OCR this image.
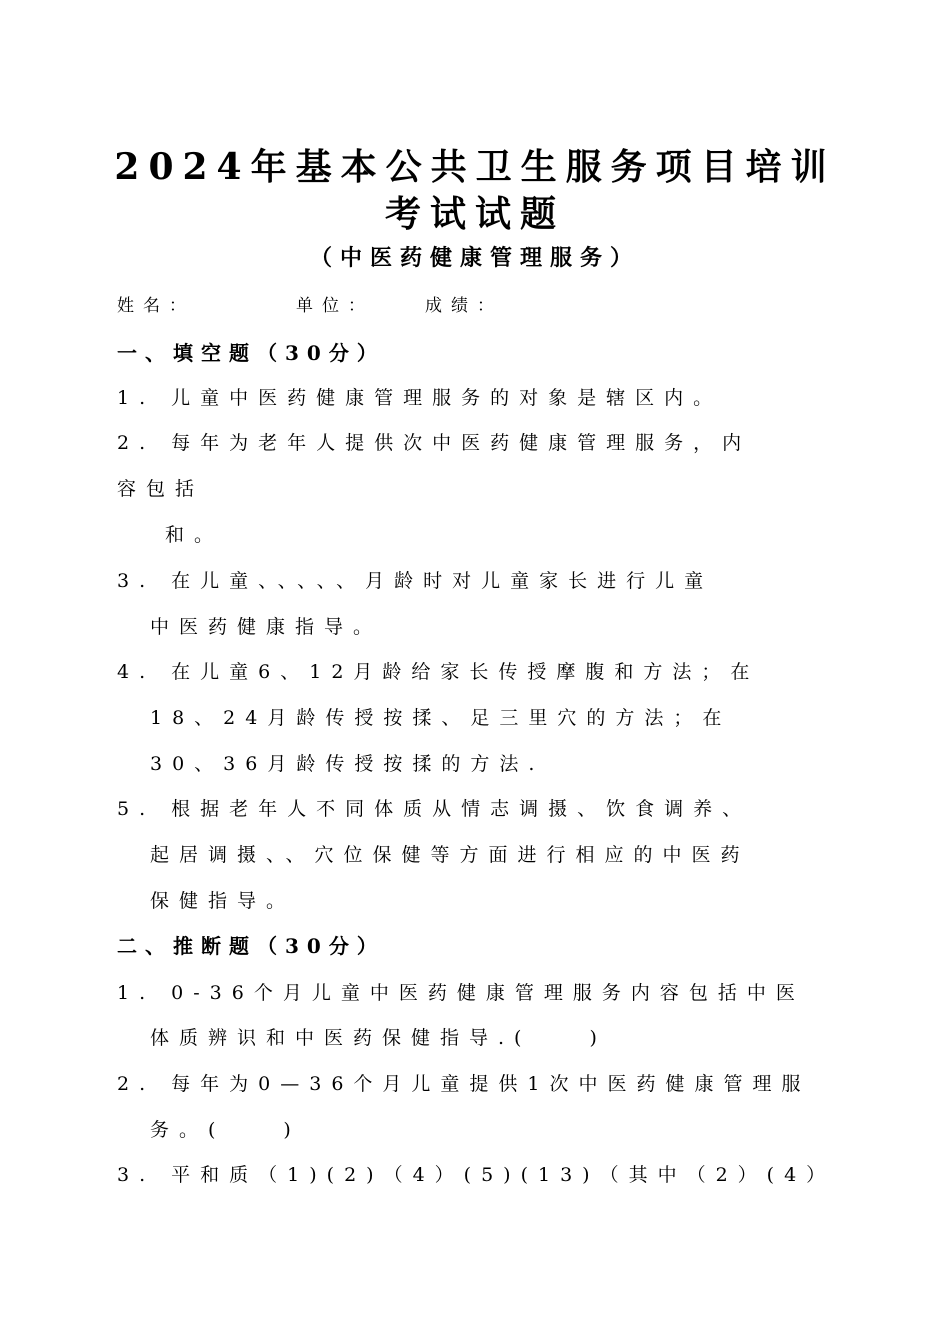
2024年基本公共卫生服务项目培训
考试试题
（中医药健康管理服务）
姓名：	单位：	成绩：
一、填空题（30分）
1. 儿童中医药健康管理服务的对象是辖区内。
2. 每年为老年人提供次中医药健康管理服务，内
容包括
和。
3. 在儿童、、、、、月龄时对儿童家长进行儿童
中医药健康指导。
4. 在儿童6、12月龄给家长传授摩腹和方法；在
18、24月龄传授按揉、足三里穴的方法；在
30、36月龄传授按揉的方法.
5. 根据老年人不同体质从情志调摄、饮食调养、
起居调摄、、穴位保健等方面进行相应的中医药
保健指导。
二、推断题（30分）
1. 0-36个月儿童中医药健康管理服务内容包括中医
体质辨识和中医药保健指导.(　　)
2. 每年为0—36个月儿童提供1次中医药健康管理服
务。(　　)
3. 平和质（1)(2)（4）(5)(13)（其中（2）(4）
